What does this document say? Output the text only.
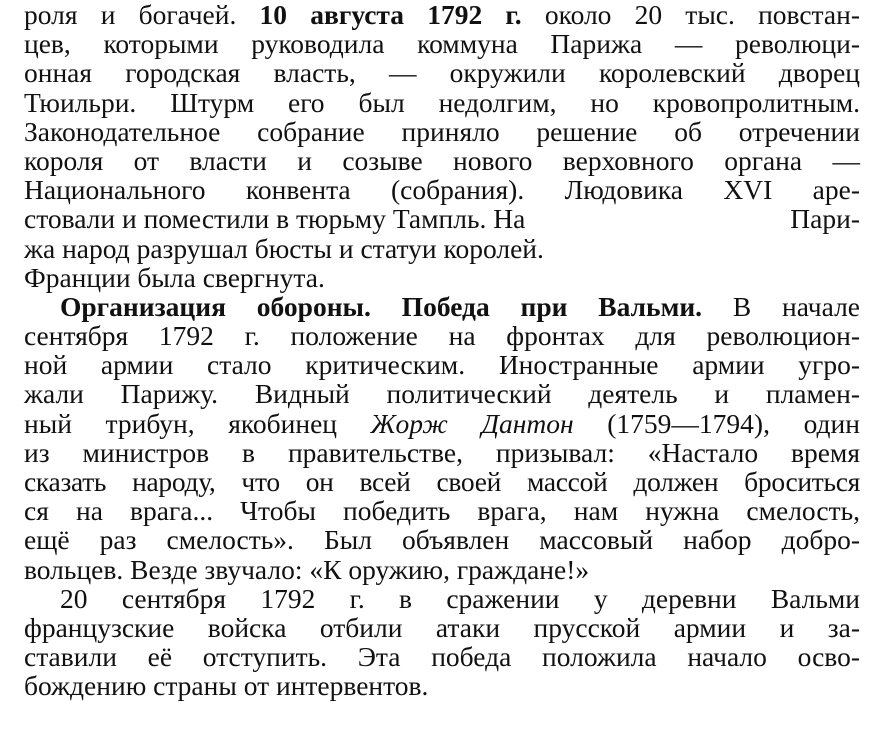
роля и богачей. 10 августа 1792 г. около 20 тыс. повстан-
цев, которыми руководила коммуна Парижа — революци-
онная городская власть, — окружили королевский дворец
Тюильри. Штурм его был недолгим, но кровопролитным.
Законодательное собрание приняло решение об отречении
короля от власти и созыве нового верховного органа —
Национального конвента (собрания). Людовика XVI аре-
стовали и поместили в тюрьму Тампль. На	Пари-
жа народ разрушал бюсты и статуи королей.
Франции была свергнута.
Организация обороны. Победа при Вальми. В начале
сентября 1792 г. положение на фронтах для революцион-
ной армии стало критическим. Иностранные армии угро-
жали Парижу. Видный политический деятель и пламен-
ный трибун, якобинец Жорж Дантон (1759—1794), один
из министров в правительстве, призывал: «Настало время
сказать народу, что он всей своей массой должен броситься
ся на врага... Чтобы победить врага, нам нужна смелость,
ещё раз смелость». Был объявлен массовый набор добро-
вольцев. Везде звучало: «К оружию, граждане!»
20 сентября 1792 г. в сражении у деревни Вальми
французские войска отбили атаки прусской армии и за-
ставили её отступить. Эта победа положила начало осво-
бождению страны от интервентов.
